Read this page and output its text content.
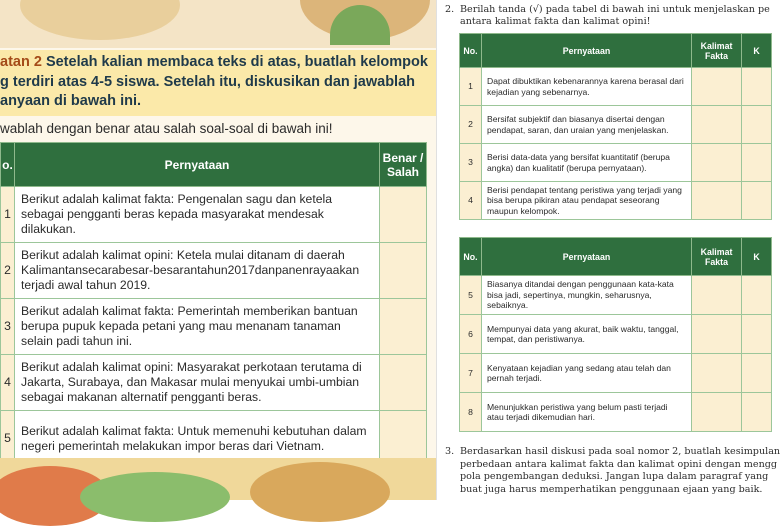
atan 2 Setelah kalian membaca teks di atas, buatlah kelompok

g terdiri atas 4-5 siswa. Setelah itu, diskusikan dan jawablah

anyaan di bawah ini.

wablah dengan benar atau salah soal-soal di bawah ini!
o.	Pernyataan	Benar / Salah
1	Berikut adalah kalimat fakta: Pengenalan sagu dan ketela sebagai pengganti beras kepada masyarakat mendesak dilakukan.	
2	Berikut adalah kalimat opini: Ketela mulai ditanam di daerah Kalimantansecarabesar-besarantahun2017danpanenrayaakan terjadi awal tahun 2019.	
3	Berikut adalah kalimat fakta: Pemerintah memberikan bantuan berupa pupuk kepada petani yang mau menanam tanaman selain padi tahun ini.	
4	Berikut adalah kalimat opini: Masyarakat perkotaan terutama di Jakarta, Surabaya, dan Makasar mulai menyukai umbi-umbian sebagai makanan alternatif pengganti beras.	
5	Berikut adalah kalimat fakta: Untuk memenuhi kebutuhan dalam negeri pemerintah melakukan impor beras dari Vietnam.	
2. Berilah tanda (√) pada tabel di bawah ini untuk menjelaskan pe
antara kalimat fakta dan kalimat opini!
No.	Pernyataan	Kalimat Fakta	K
1	Dapat dibuktikan kebenarannya karena berasal dari kejadian yang sebenarnya.		
2	Bersifat subjektif dan biasanya disertai dengan pendapat, saran, dan uraian yang menjelaskan.		
3	Berisi data-data yang bersifat kuantitatif (berupa angka) dan kualitatif (berupa pernyataan).		
4	Berisi pendapat tentang peristiwa yang terjadi yang bisa berupa pikiran atau pendapat seseorang maupun kelompok.		
No.	Pernyataan	Kalimat Fakta	K
5	Biasanya ditandai dengan penggunaan kata-kata bisa jadi, sepertinya, mungkin, seharusnya, sebaiknya.		
6	Mempunyai data yang akurat, baik waktu, tanggal, tempat, dan peristiwanya.		
7	Kenyataan kejadian yang sedang atau telah dan pernah terjadi.		
8	Menunjukkan peristiwa yang belum pasti terjadi atau terjadi dikemudian hari.		
3. Berdasarkan hasil diskusi pada soal nomor 2, buatlah kesimpulan
perbedaan antara kalimat fakta dan kalimat opini dengan mengg
pola pengembangan deduksi. Jangan lupa dalam paragraf yang
buat juga harus memperhatikan penggunaan ejaan yang baik.
